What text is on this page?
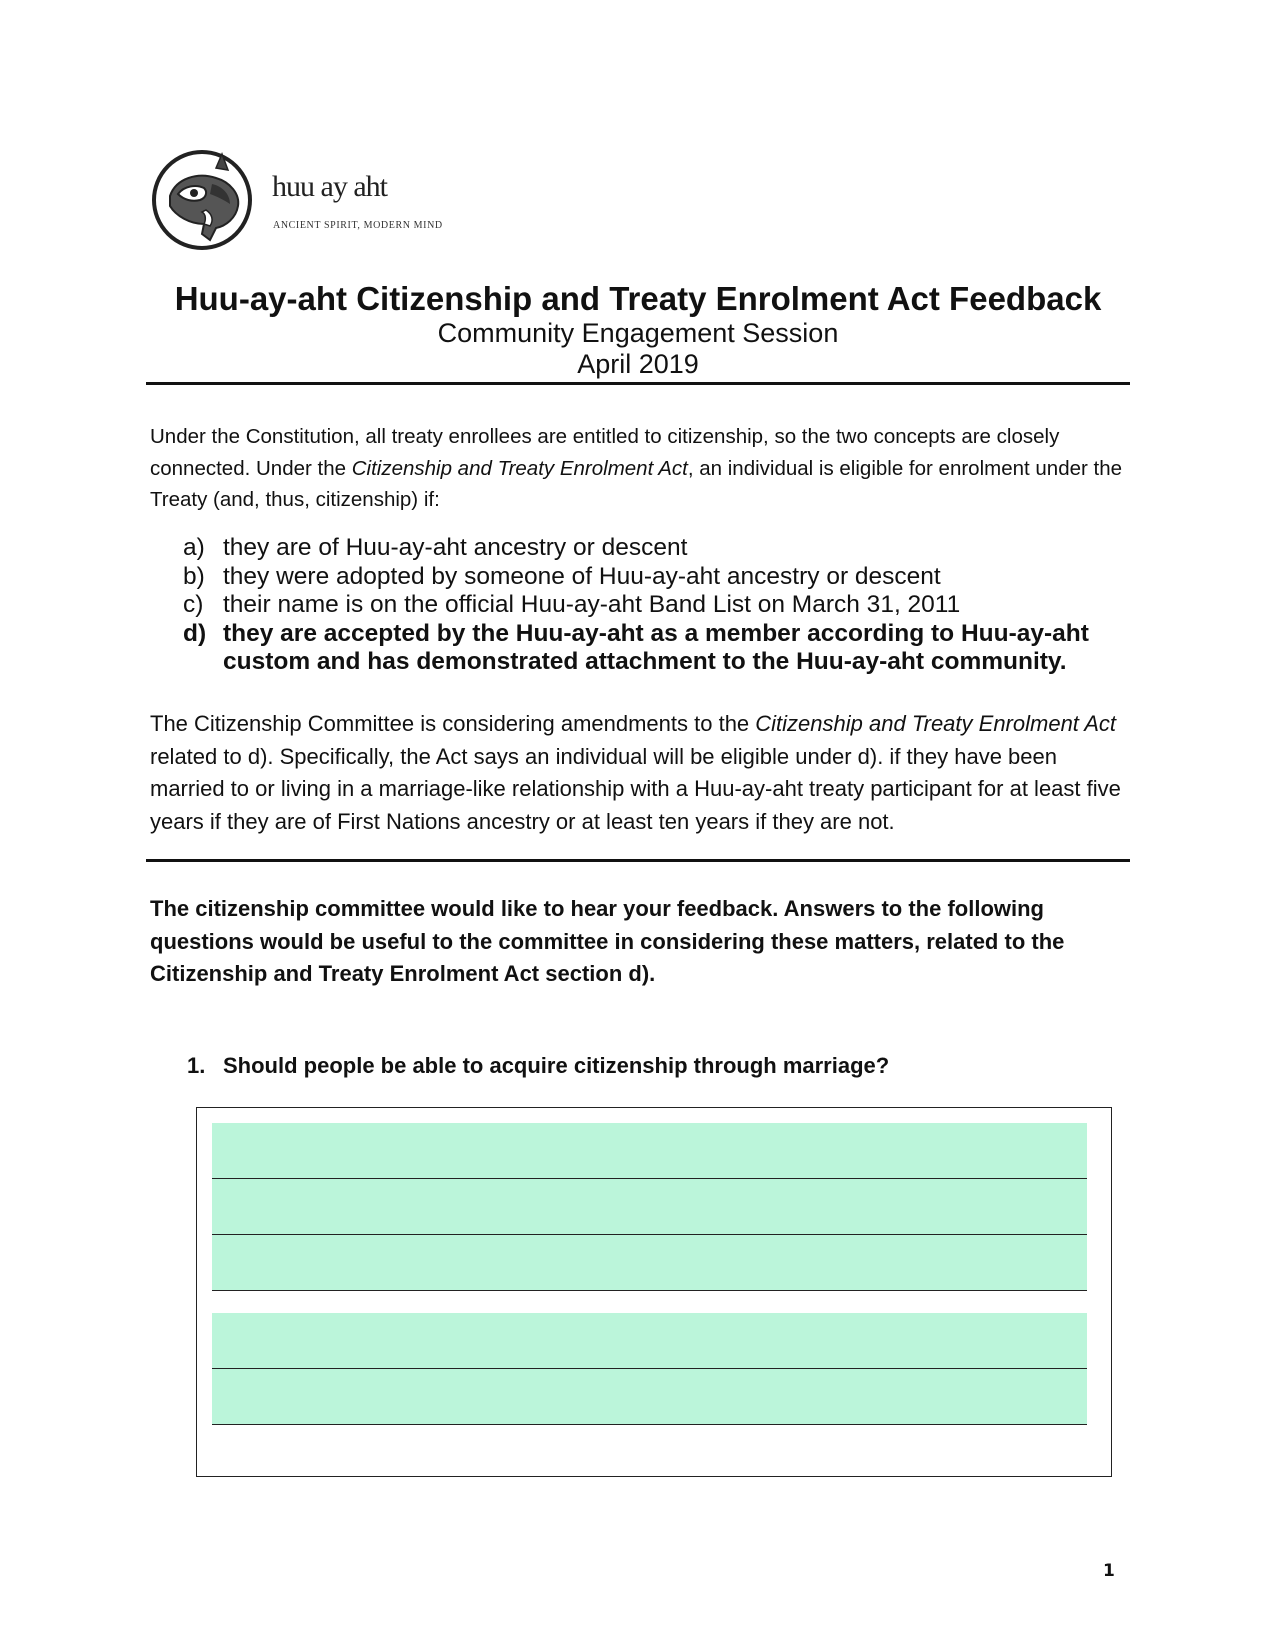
huu ay aht
ANCIENT SPIRIT, MODERN MIND
Huu-ay-aht Citizenship and Treaty Enrolment Act Feedback

Community Engagement Session

April 2019

Under the Constitution, all treaty enrollees are entitled to citizenship, so the two concepts are closely connected. Under the Citizenship and Treaty Enrolment Act, an individual is eligible for enrolment under the Treaty (and, thus, citizenship) if:

a) they are of Huu-ay-aht ancestry or descent
b) they were adopted by someone of Huu-ay-aht ancestry or descent
c) their name is on the official Huu-ay-aht Band List on March 31, 2011
d) they are accepted by the Huu-ay-aht as a member according to Huu-ay-aht custom and has demonstrated attachment to the Huu-ay-aht community.

The Citizenship Committee is considering amendments to the Citizenship and Treaty Enrolment Act related to d). Specifically, the Act says an individual will be eligible under d). if they have been married to or living in a marriage-like relationship with a Huu-ay-aht treaty participant for at least five years if they are of First Nations ancestry or at least ten years if they are not.

The citizenship committee would like to hear your feedback. Answers to the following questions would be useful to the committee in considering these matters, related to the Citizenship and Treaty Enrolment Act section d).

1. Should people be able to acquire citizenship through marriage?

1
